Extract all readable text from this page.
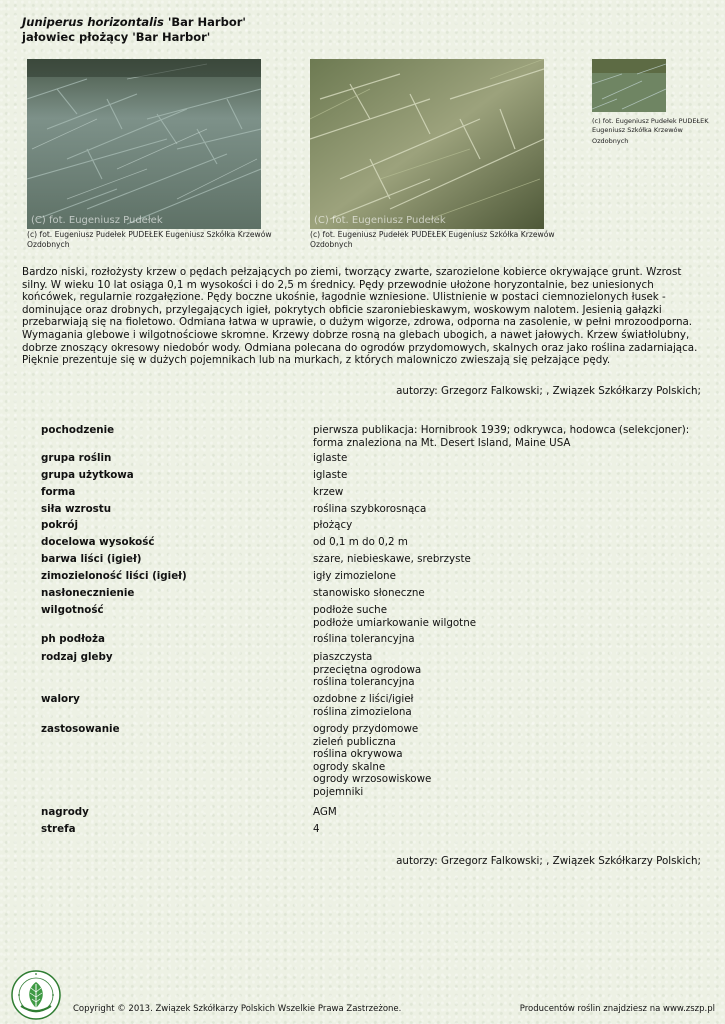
Juniperus horizontalis 'Bar Harbor'
jałowiec płożący 'Bar Harbor'
(C) fot. Eugeniusz Pudełek
(c) fot. Eugeniusz Pudełek PUDEŁEK Eugeniusz Szkółka Krzewów
Ozdobnych
(C) fot. Eugeniusz Pudełek
(c) fot. Eugeniusz Pudełek PUDEŁEK Eugeniusz Szkółka Krzewów
Ozdobnych
(c) fot. Eugeniusz Pudełek PUDEŁEK
Eugeniusz Szkółka Krzewów
Ozdobnych
Bardzo niski, rozłożysty krzew o pędach pełzających po ziemi, tworzący zwarte, szarozielone kobierce okrywające grunt. Wzrost silny. W wieku 10 lat osiąga 0,1 m wysokości i do 2,5 m średnicy. Pędy przewodnie ułożone horyzontalnie, bez uniesionych końcówek, regularnie rozgałęzione. Pędy boczne ukośnie, łagodnie wzniesione. Ulistnienie w postaci ciemnozielonych łusek - dominujące oraz drobnych, przylegających igieł, pokrytych obficie szaroniebieskawym, woskowym nalotem. Jesienią gałązki przebarwiają się na fioletowo. Odmiana łatwa w uprawie, o dużym wigorze, zdrowa, odporna na zasolenie, w pełni mrozoodporna. Wymagania glebowe i wilgotnościowe skromne. Krzewy dobrze rosną na glebach ubogich, a nawet jałowych. Krzew światłolubny, dobrze znoszący okresowy niedobór wody. Odmiana polecana do ogrodów przydomowych, skalnych oraz jako roślina zadarniająca. Pięknie prezentuje się w dużych pojemnikach lub na murkach, z których malowniczo zwieszają się pełzające pędy.
autorzy: Grzegorz Falkowski; , Związek Szkółkarzy Polskich;
pochodzenie	pierwsza publikacja: Hornibrook 1939; odkrywca, hodowca (selekcjoner):
forma znaleziona na Mt. Desert Island, Maine USA
grupa roślin	iglaste
grupa użytkowa	iglaste
forma	krzew
siła wzrostu	roślina szybkorosnąca
pokrój	płożący
docelowa wysokość	od 0,1 m do 0,2 m
barwa liści (igieł)	szare, niebieskawe, srebrzyste
zimozieloność liści (igieł)	igły zimozielone
nasłonecznienie	stanowisko słoneczne
wilgotność	podłoże suche
podłoże umiarkowanie wilgotne
ph podłoża	roślina tolerancyjna
rodzaj gleby	piaszczysta
przeciętna ogrodowa
roślina tolerancyjna
walory	ozdobne z liści/igieł
roślina zimozielona
zastosowanie	ogrody przydomowe
zieleń publiczna
roślina okrywowa
ogrody skalne
ogrody wrzosowiskowe
pojemniki
nagrody	AGM
strefa	4
autorzy: Grzegorz Falkowski; , Związek Szkółkarzy Polskich;
Copyright © 2013. Związek Szkółkarzy Polskich Wszelkie Prawa Zastrzeżone.	Producentów roślin znajdziesz na www.zszp.pl
